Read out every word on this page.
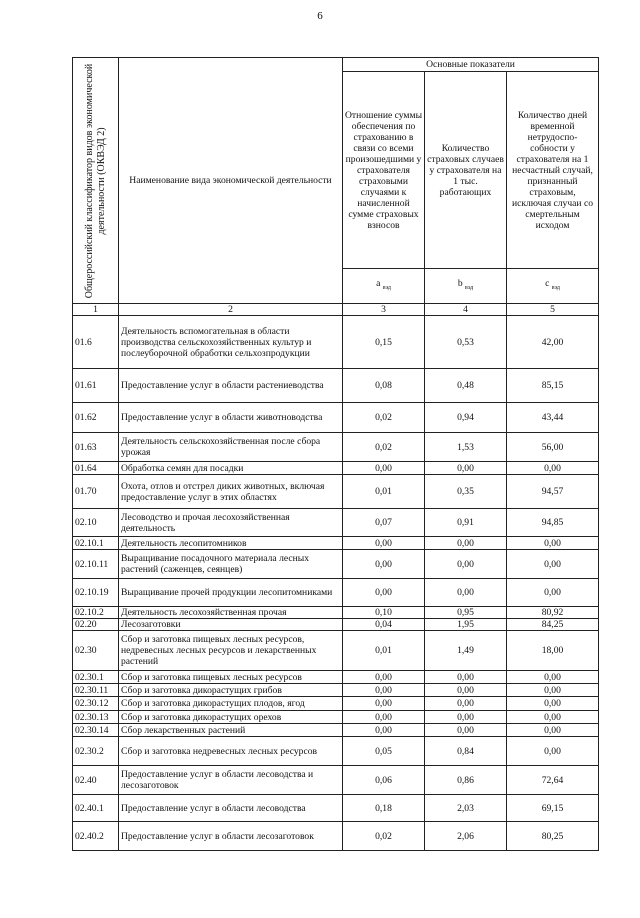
6
Общероссийский классификатор видов экономической деятельности (ОКВЭД 2)	Наименование вида экономической деятельности	Основные показатели		
		Отношение суммы обеспечения по страхованию в связи со всеми произошедшими у страхователя страховыми случаями к начисленной сумме страховых взносов	Количество страховых случаев у страхователя на 1 тыс. работающих	Количество дней временной нетрудоспо-собности у страхователя на 1 несчастный случай, признанный страховым, исключая случаи со смертельным исходом
		a $_{вэд}$	b $_{вэд}$	c $_{вэд}$
1	2	3	4	5
01.6	Деятельность вспомогательная в области производства сельскохозяйственных культур и послеуборочной обработки сельхозпродукции	0,15	0,53	42,00
01.61	Предоставление услуг в области растениеводства	0,08	0,48	85,15
01.62	Предоставление услуг в области животноводства	0,02	0,94	43,44
01.63	Деятельность сельскохозяйственная после сбора урожая	0,02	1,53	56,00
01.64	Обработка семян для посадки	0,00	0,00	0,00
01.70	Охота, отлов и отстрел диких животных, включая предоставление услуг в этих областях	0,01	0,35	94,57
02.10	Лесоводство и прочая лесохозяйственная деятельность	0,07	0,91	94,85
02.10.1	Деятельность лесопитомников	0,00	0,00	0,00
02.10.11	Выращивание посадочного материала лесных растений (саженцев, сеянцев)	0,00	0,00	0,00
02.10.19	Выращивание прочей продукции лесопитомниками	0,00	0,00	0,00
02.10.2	Деятельность лесохозяйственная прочая	0,10	0,95	80,92
02.20	Лесозаготовки	0,04	1,95	84,25
02.30	Сбор и заготовка пищевых лесных ресурсов, недревесных лесных ресурсов и лекарственных растений	0,01	1,49	18,00
02.30.1	Сбор и заготовка пищевых лесных ресурсов	0,00	0,00	0,00
02.30.11	Сбор и заготовка дикорастущих грибов	0,00	0,00	0,00
02.30.12	Сбор и заготовка дикорастущих плодов, ягод	0,00	0,00	0,00
02.30.13	Сбор и заготовка дикорастущих орехов	0,00	0,00	0,00
02.30.14	Сбор лекарственных растений	0,00	0,00	0,00
02.30.2	Сбор и заготовка недревесных лесных ресурсов	0,05	0,84	0,00
02.40	Предоставление услуг в области лесоводства и лесозаготовок	0,06	0,86	72,64
02.40.1	Предоставление услуг в области лесоводства	0,18	2,03	69,15
02.40.2	Предоставление услуг в области лесозаготовок	0,02	2,06	80,25
